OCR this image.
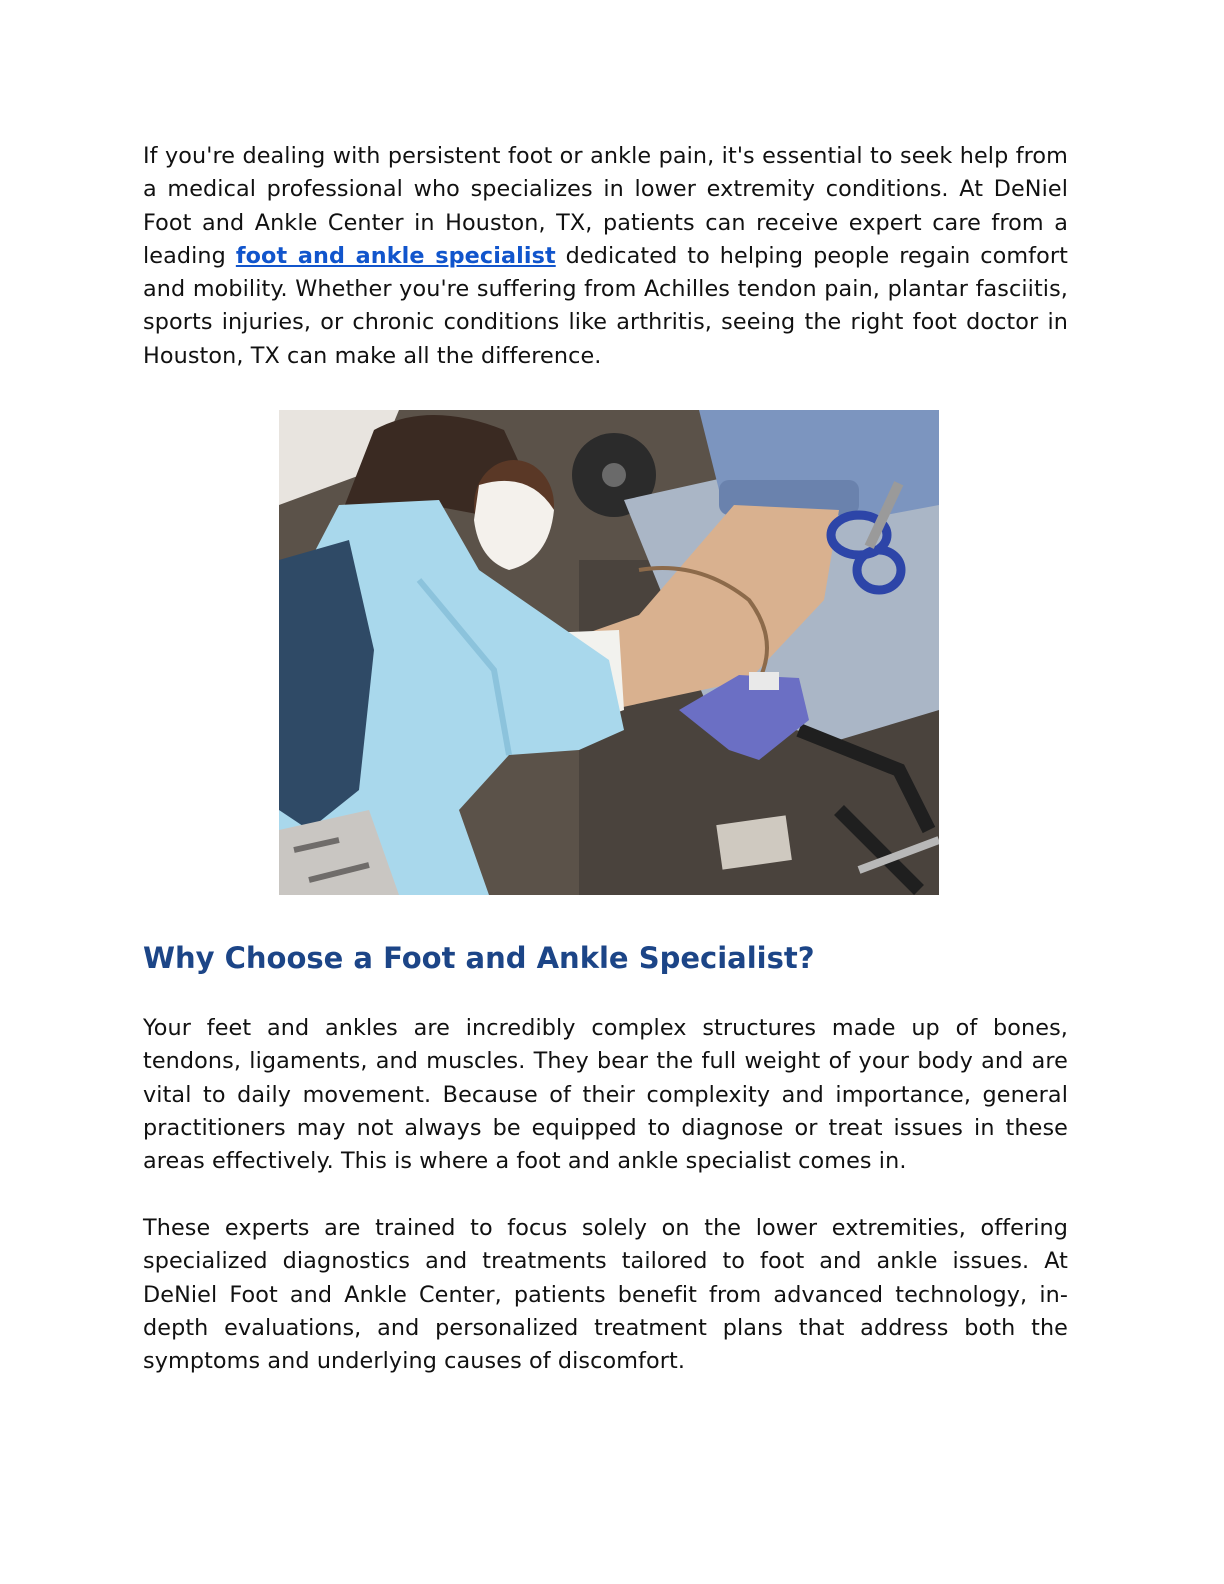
If you're dealing with persistent foot or ankle pain, it's essential to seek help from a medical professional who specializes in lower extremity conditions. At DeNiel Foot and Ankle Center in Houston, TX, patients can receive expert care from a leading foot and ankle specialist dedicated to helping people regain comfort and mobility. Whether you're suffering from Achilles tendon pain, plantar fasciitis, sports injuries, or chronic conditions like arthritis, seeing the right foot doctor in Houston, TX can make all the difference.

Why Choose a Foot and Ankle Specialist?

Your feet and ankles are incredibly complex structures made up of bones, tendons, ligaments, and muscles. They bear the full weight of your body and are vital to daily movement. Because of their complexity and importance, general practitioners may not always be equipped to diagnose or treat issues in these areas effectively. This is where a foot and ankle specialist comes in.

These experts are trained to focus solely on the lower extremities, offering specialized diagnostics and treatments tailored to foot and ankle issues. At DeNiel Foot and Ankle Center, patients benefit from advanced technology, in-depth evaluations, and personalized treatment plans that address both the symptoms and underlying causes of discomfort.
